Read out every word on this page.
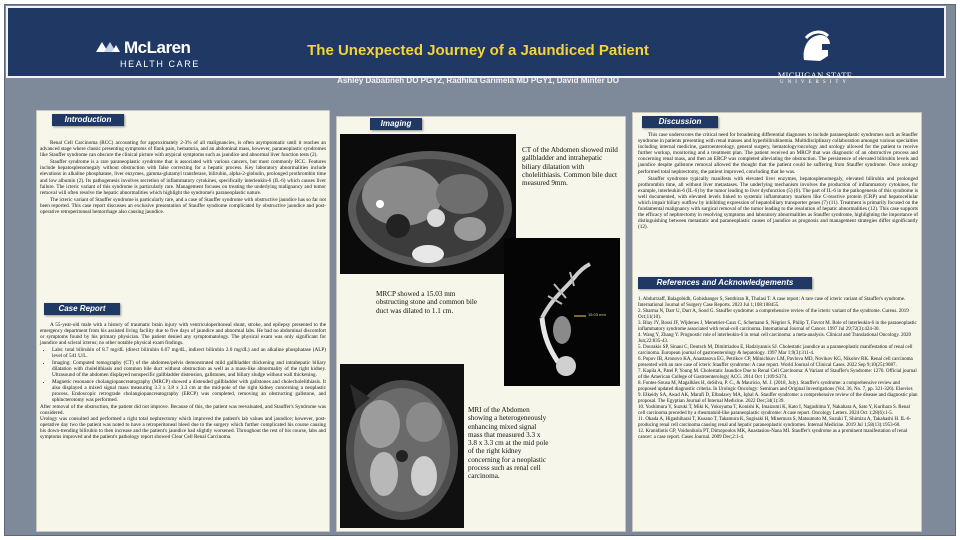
McLaren
HEALTH CARE
The Unexpected Journey of a Jaundiced Patient
Ashley Dababneh DO PGY2, Radhika Garimela MD PGY1, David Minter DO
MICHIGAN STATE
UNIVERSITY
Introduction

Renal Cell Carcinoma (RCC) accounting for approximately 2-3% of all malignancies, is often asymptomatic until it reaches an advanced stage where classic presenting symptoms of flank pain, hematuria, and an abdominal mass, however, paraneoplastic syndromes like Stauffer syndrome can obscure the clinical picture with atypical symptoms such as jaundice and abnormal liver function tests (2).

Stauffer syndrome is a rare paraneoplastic syndrome that is associated with various cancers, but most commonly RCC. Features include hepatosplenomegaly without obstruction with false correcting for a hepatic process. Key laboratory abnormalities include elevations in alkaline phosphatase, liver enzymes, gamma-glutamyl transferase, bilirubin, alpha-2-globulin, prolonged prothrombin time and low albumin (2). Its pathogenesis involves secretion of inflammatory cytokines, specifically interleukin-6 (IL-6) which causes liver failure. The icteric variant of this syndrome is particularly rare. Management focuses on treating the underlying malignancy and tumor removal will often resolve the hepatic abnormalities which highlight the syndrome's paraneoplastic nature.

The icteric variant of Stauffer syndrome is particularly rare, and a case of Stauffer syndrome with obstructive jaundice has so far not been reported. This case report discusses an exclusive presentation of Stauffer syndrome complicated by obstructive jaundice and post-operative retroperitoneal hemorrhage also causing jaundice.

Case Report

A 55-year-old male with a history of traumatic brain injury with ventriculoperitoneal shunt, stroke, and epilepsy presented to the emergency department from his assisted living facility due to five days of jaundice and abnormal labs. He had no abdominal discomfort or symptoms found by his primary physician. The patient denied any symptomatology. The physical exam was only significant for jaundice and scleral icterus; no other notable physical exam findings.

• Labs: total bilirubin of 8.7 mg/dL (direct bilirubin 6.67 mg/dL, indirect bilirubin 2.0 mg/dL) and an alkaline phosphatase (ALP) level of 541 U/L.
• Imaging: Computed tomography (CT) of the abdomen/pelvis demonstrated mild gallbladder thickening and intrahepatic biliary dilatation with cholelithiasis and common bile duct without obstruction as well as a mass-like abnormality of the right kidney. Ultrasound of the abdomen displayed nonspecific gallbladder distension, gallstones, and biliary sludge without wall thickening.
• Magnetic resonance cholangiopancreatography (MRCP) showed a distended gallbladder with gallstones and cholecholelithiasis. It also displayed a mixed signal mass measuring 3.3 x 3.8 x 3.3 cm at the mid-pole of the right kidney concerning a neoplastic process. Endoscopic retrograde cholangiopancreatography (ERCP) was completed, removing an obstructing gallstone, and sphincterotomy was performed.

After removal of the obstruction, the patient did not improve. Because of this, the patient was reevaluated, and Stauffer's Syndrome was considered.
Urology was consulted and performed a right total nephrectomy which improved the patient's lab values and jaundice; however, post-operative day two the patient was noted to have a retroperitoneal bleed due to the surgery which further complicated his course causing his down-trending bilirubin to then increase and the patient's jaundice had slightly worsened. Throughout the rest of his course, labs and symptoms improved and the patient's pathology report showed Clear Cell Renal Carcinoma.

Imaging
CT of the Abdomen showed mild gallbladder and intrahepatic biliary dilatation with cholelithiasis. Common bile duct measured 9mm.
MRCP showed a 15.03 mm obstructing stone and common bile duct was dilated to 1.1 cm.	15.03 mm
MRI of the Abdomen showing a heterogeneously enhancing mixed signal mass that measured 3.3 x 3.8 x 3.3 cm at the mid pole of the right kidney concerning for a neoplastic process such as renal cell carcinoma.
Discussion

This case underscores the critical need for broadening differential diagnoses to include paraneoplastic syndromes such as Stauffer syndrome in patients presenting with renal masses and hyperbilirubinemia. Multidisciplinary collaboration amongst various specialties including internal medicine, gastroenterology, general surgery, hematology/oncology and urology allowed for the patient to receive further workup, monitoring and a treatment plan. The patient received an MRCP that was diagnostic of an obstructive process and concerning renal mass, and then an ERCP was completed alleviating the obstruction. The persistence of elevated bilirubin levels and jaundice despite gallstone removal allowed the thought that the patient could be suffering from Stauffer syndrome. Once urology performed total nephrectomy, the patient improved, concluding that he was.

Stauffer syndrome typically manifests with elevated liver enzymes, hepatosplenomegaly, elevated bilirubin and prolonged prothrombin time, all without liver metastases. The underlying mechanism involves the production of inflammatory cytokines, for example, interleukin-6 (IL-6) by the tumor leading to liver dysfunction (5) (6). The part of IL-6 in the pathogenesis of this syndrome is well documented, with elevated levels linked to systemic inflammatory markers like C-reactive protein (CRP) and hepatocellular which impair biliary outflow by inhibiting expression of hepatobiliary transporter genes (7) (11). Treatment is primarily focused on the fundamental malignancy with surgical removal of the tumor leading to the resolution of hepatic abnormalities (12). This case supports the efficacy of nephrectomy in resolving symptoms and laboratory abnormalities as Stauffer syndrome, highlighting the importance of distinguishing between metastatic and paraneoplastic causes of jaundice as prognosis and management strategies differ significantly (12).

References and Acknowledgements
1. Abdurrzaff, Balagobidh, Gobishanger S, Senthiran R, Thulasi T. A case report: A rare case of icteric variant of Stauffer's syndrome. International Journal of Surgery Case Reports. 2023 Jul 1;108:108455.
2. Sharma N, Darr U, Darr A, Sood G. Stauffer syndrome: a comprehensive review of the icteric variant of the syndrome. Cureus. 2019 Oct;11(10).
3. Blay JY, Rossi JF, Wijdenes J, Menetrier-Caux C, Schemann S, Négrier S, Philip T, Favrot M. Role of interleukin-6 in the paraneoplastic inflammatory syndrome associated with renal-cell carcinoma. International Journal of Cancer. 1997 Jul 29;72(3):424-30.
4. Wang Y, Zhang Y. Prognostic role of interleukin-6 in renal cell carcinoma: a meta-analysis. Clinical and Translational Oncology. 2020 Jun;22:835-43.
5. Dourakis SP, Sinani C, Deutsch M, Dimitriadou E, Hadziyannis SJ. Cholestatic jaundice as a paraneoplastic manifestation of renal cell carcinoma. European journal of gastroenterology & hepatology. 1997 Mar 1;9(3):311-4.
6. Popov IB, Aronovo KA, Anastasova EG, Petrikov CP, Milnichkov LM, Pavlova MD, Novikov KG, Nikolov RK. Renal cell carcinoma presented with an rare case of icteric Stauffer syndrome: A case report. World Journal of Clinical Cases. 2022 Sep 9;10(25):9087.
7. Kapila A, Patel P, Young M. Cholestatic Jaundice Due to Renal Cell Carcinoma: A Variant of Stauffer's Syndrome: 1270. Official journal of the American College of Gastroenterology| ACG. 2014 Oct 1;109:S374.
8. Fontes-Sousa M, Magalhães H, deSilva, P. C., & Mauricio, M. J. (2018, July). Stauffer's syndrome: a comprehensive review and proposed updated diagnostic criteria. In Urologic Oncology: Seminars and Original Investigations (Vol. 36, No. 7, pp. 321-326). Elsevier.
9. Elkeidy SA, Awad AK, Marafi D, Elbadawy MA, Iqbal A. Stauffer syndrome: a comprehensive review of the disease and diagnostic plan proposal. The Egyptian Journal of Internal Medicine. 2022 Dec;34(1):39.
10. Yoshimura Y, Suzuki T, Miki K, Yokoyama T, Konishi K, Imaizumi K, Kato I, Nagashima Y, Nakahara A, Sato Y, Kurihara S. Renal cell carcinoma preceded by a rheumatoid-like paraneoplastic syndrome: A case report. Oncology Letters. 2024 Oct 1;28(6):1-5.
11. Okada A, Higashiharai T, Kusano T, Takamura K, Sugisaki H, Minemura S, Matsumoto M, Suzuki T, Shimizu A, Takahashi H. IL-6-producing renal cell carcinoma causing renal and hepatic paraneoplastic syndromes. Internal Medicine. 2019 Jul 1;58(13):1953-60.
12. Kranidiotis GP, Voidonikola PT, Dimopoulos MK, Anastasiou-Nana MI. Stauffer's syndrome as a prominent manifestation of renal cancer: a case report. Cases Journal. 2009 Dec;2:1-4.
